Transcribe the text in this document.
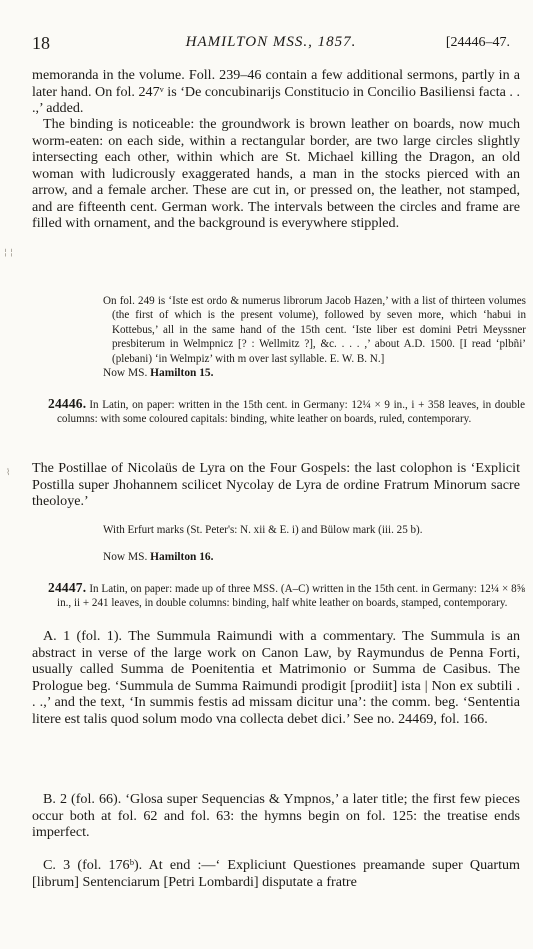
18	HAMILTON MSS., 1857.	[24446–47.

memoranda in the volume. Foll. 239–46 contain a few additional sermons, partly in a later hand. On fol. 247ᵛ is ‘De concubinarijs Constitucio in Concilio Basiliensi facta . . .,’ added.

The binding is noticeable: the groundwork is brown leather on boards, now much worm-eaten: on each side, within a rectangular border, are two large circles slightly intersecting each other, within which are St. Michael killing the Dragon, an old woman with ludicrously exaggerated hands, a man in the stocks pierced with an arrow, and a female archer. These are cut in, or pressed on, the leather, not stamped, and are fifteenth cent. German work. The intervals between the circles and frame are filled with ornament, and the background is everywhere stippled.

On fol. 249 is ‘Iste est ordo & numerus librorum Jacob Hazen,’ with a list of thirteen volumes (the first of which is the present volume), followed by seven more, which ‘habui in Kottebus,’ all in the same hand of the 15th cent. ‘Iste liber est domini Petri Meyssner presbiterum in Welmpnicz [? : Wellmitz ?], &c. . . . ,’ about A.D. 1500. [I read ‘plbñi’ (plebani) ‘in Welmpiz’ with m over last syllable. E. W. B. N.]

Now MS. Hamilton 15.

24446. In Latin, on paper: written in the 15th cent. in Germany: 12¼ × 9 in., i + 358 leaves, in double columns: with some coloured capitals: binding, white leather on boards, ruled, contemporary.

The Postillae of Nicolaüs de Lyra on the Four Gospels: the last colophon is ‘Explicit Postilla super Jhohannem scilicet Nycolay de Lyra de ordine Fratrum Minorum sacre theoloye.’

With Erfurt marks (St. Peter's: N. xii & E. i) and Bülow mark (iii. 25 b).

Now MS. Hamilton 16.

24447. In Latin, on paper: made up of three MSS. (A–C) written in the 15th cent. in Germany: 12¼ × 8⅝ in., ii + 241 leaves, in double columns: binding, half white leather on boards, stamped, contemporary.

A. 1 (fol. 1). The Summula Raimundi with a commentary. The Summula is an abstract in verse of the large work on Canon Law, by Raymundus de Penna Forti, usually called Summa de Poenitentia et Matrimonio or Summa de Casibus. The Prologue beg. ‘Summula de Summa Raimundi prodigit [prodiit] ista | Non ex subtili . . .,’ and the text, ‘In summis festis ad missam dicitur una’: the comm. beg. ‘Sententia litere est talis quod solum modo vna collecta debet dici.’ See no. 24469, fol. 166.

B. 2 (fol. 66). ‘Glosa super Sequencias & Ympnos,’ a later title; the first few pieces occur both at fol. 62 and fol. 63: the hymns begin on fol. 125: the treatise ends imperfect.

C. 3 (fol. 176ᵇ). At end :—‘ Expliciunt Questiones preamande super Quartum [librum] Sentenciarum [Petri Lombardi] disputate a fratre

¦ ¦
⌇
